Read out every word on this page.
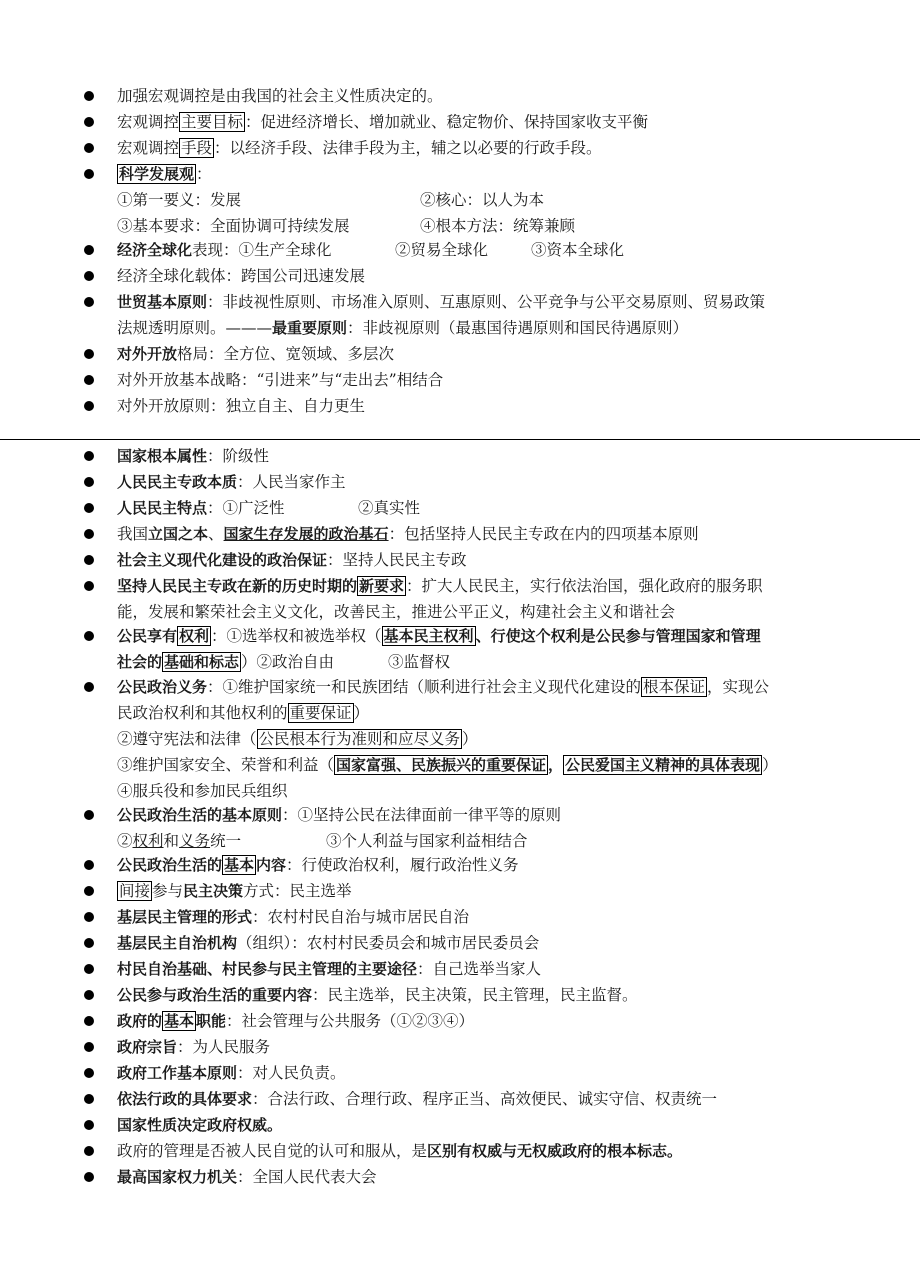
加强宏观调控是由我国的社会主义性质决定的。
宏观调控 主要目标 ：促进经济增长、增加就业、稳定物价、保持国家收支平衡
宏观调控 手段 ：以经济手段、法律手段为主，辅之以必要的行政手段。
科学发展观 ：
①第一要义：发展	②核心：以人为本
③基本要求：全面协调可持续发展	④根本方法：统筹兼顾
经济全球化表现：①生产全球化	②贸易全球化	③资本全球化
经济全球化载体：跨国公司迅速发展
世贸基本原则：非歧视性原则、市场准入原则、互惠原则、公平竞争与公平交易原则、贸易政策
法规透明原则。———最重要原则：非歧视原则（最惠国待遇原则和国民待遇原则）
对外开放格局：全方位、宽领域、多层次
对外开放基本战略：“引进来”与“走出去”相结合
对外开放原则：独立自主、自力更生
国家根本属性：阶级性
人民民主专政本质：人民当家作主
人民民主特点：①广泛性	②真实性
我国立国之本、国家生存发展的政治基石：包括坚持人民民主专政在内的四项基本原则
社会主义现代化建设的政治保证：坚持人民民主专政
坚持人民民主专政在新的历史时期的 新要求 ：扩大人民民主，实行依法治国，强化政府的服务职
能，发展和繁荣社会主义文化，改善民主，推进公平正义，构建社会主义和谐社会
公民享有 权利 ：①选举权和被选举权（ 基本民主权利 、行使这个权利是公民参与管理国家和管理
社会的 基础和标志 ）②政治自由	③监督权
公民政治义务：①维护国家统一和民族团结（顺利进行社会主义现代化建设的 根本保证 ，实现公
民政治权利和其他权利的 重要保证 ）
②遵守宪法和法律（ 公民根本行为准则和应尽义务 ）
③维护国家安全、荣誉和利益（ 国家富强、民族振兴的重要保证 ， 公民爱国主义精神的具体表现 ）
④服兵役和参加民兵组织
公民政治生活的基本原则：①坚持公民在法律面前一律平等的原则
②权利和义务统一	③个人利益与国家利益相结合
公民政治生活的 基本 内容：行使政治权利，履行政治性义务
间接 参与民主决策方式：民主选举
基层民主管理的形式：农村村民自治与城市居民自治
基层民主自治机构（组织）：农村村民委员会和城市居民委员会
村民自治基础、村民参与民主管理的主要途径：自己选举当家人
公民参与政治生活的重要内容：民主选举，民主决策，民主管理，民主监督。
政府的 基本 职能：社会管理与公共服务（①②③④）
政府宗旨：为人民服务
政府工作基本原则：对人民负责。
依法行政的具体要求：合法行政、合理行政、程序正当、高效便民、诚实守信、权责统一
国家性质决定政府权威。
政府的管理是否被人民自觉的认可和服从，是区别有权威与无权威政府的根本标志。
最高国家权力机关：全国人民代表大会
